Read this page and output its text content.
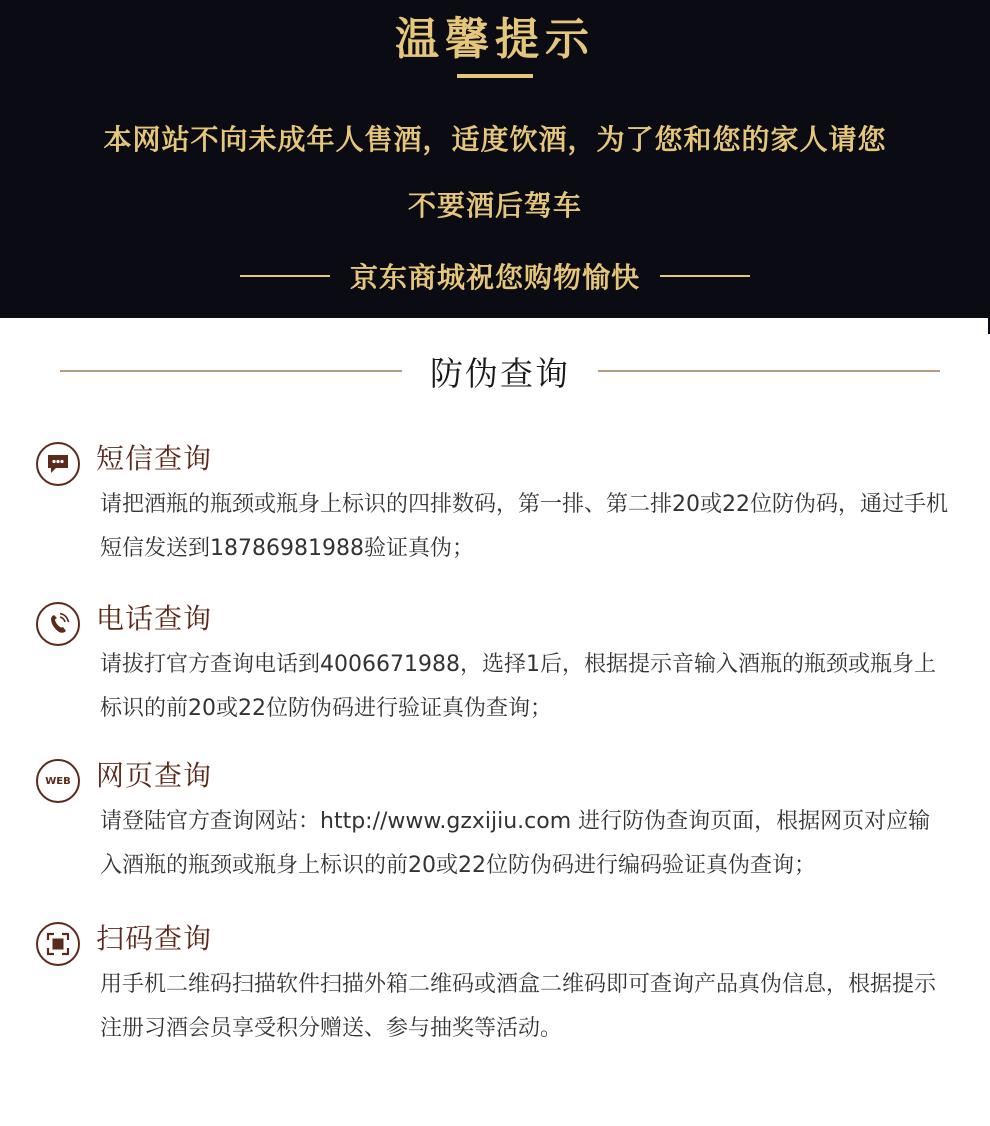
温馨提示
本网站不向未成年人售酒，适度饮酒，为了您和您的家人请您
不要酒后驾车
京东商城祝您购物愉快
防伪查询
短信查询
请把酒瓶的瓶颈或瓶身上标识的四排数码，第一排、第二排20或22位防伪码，通过手机短信发送到18786981988验证真伪；
电话查询
请拔打官方查询电话到4006671988，选择1后，根据提示音输入酒瓶的瓶颈或瓶身上标识的前20或22位防伪码进行验证真伪查询；
WEB 网页查询
请登陆官方查询网站：http://www.gzxijiu.com 进行防伪查询页面，根据网页对应输入酒瓶的瓶颈或瓶身上标识的前20或22位防伪码进行编码验证真伪查询；
扫码查询
用手机二维码扫描软件扫描外箱二维码或酒盒二维码即可查询产品真伪信息，根据提示注册习酒会员享受积分赠送、参与抽奖等活动。
